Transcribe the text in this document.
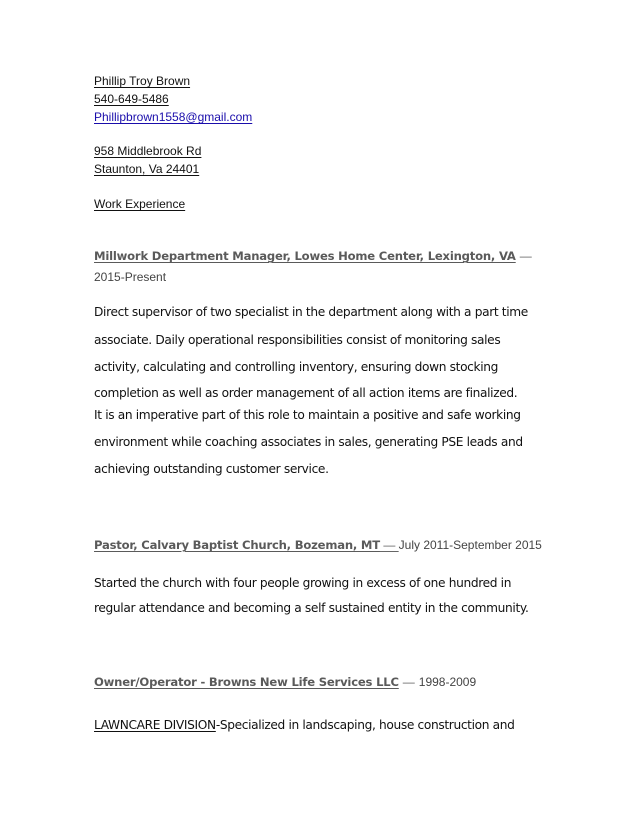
Phillip Troy Brown
540-649-5486
Phillipbrown1558@gmail.com
958 Middlebrook Rd
Staunton, Va 24401
Work Experience
Millwork Department Manager, Lowes Home Center, Lexington, VA —
2015-Present
Direct supervisor of two specialist in the department along with a part time
associate. Daily operational responsibilities consist of monitoring sales
activity, calculating and controlling inventory, ensuring down stocking
completion as well as order management of all action items are finalized.
It is an imperative part of this role to maintain a positive and safe working
environment while coaching associates in sales, generating PSE leads and
achieving outstanding customer service.
Pastor, Calvary Baptist Church, Bozeman, MT — July 2011-September 2015
Started the church with four people growing in excess of one hundred in
regular attendance and becoming a self sustained entity in the community.
Owner/Operator - Browns New Life Services LLC — 1998-2009
LAWNCARE DIVISION-Specialized in landscaping, house construction and
